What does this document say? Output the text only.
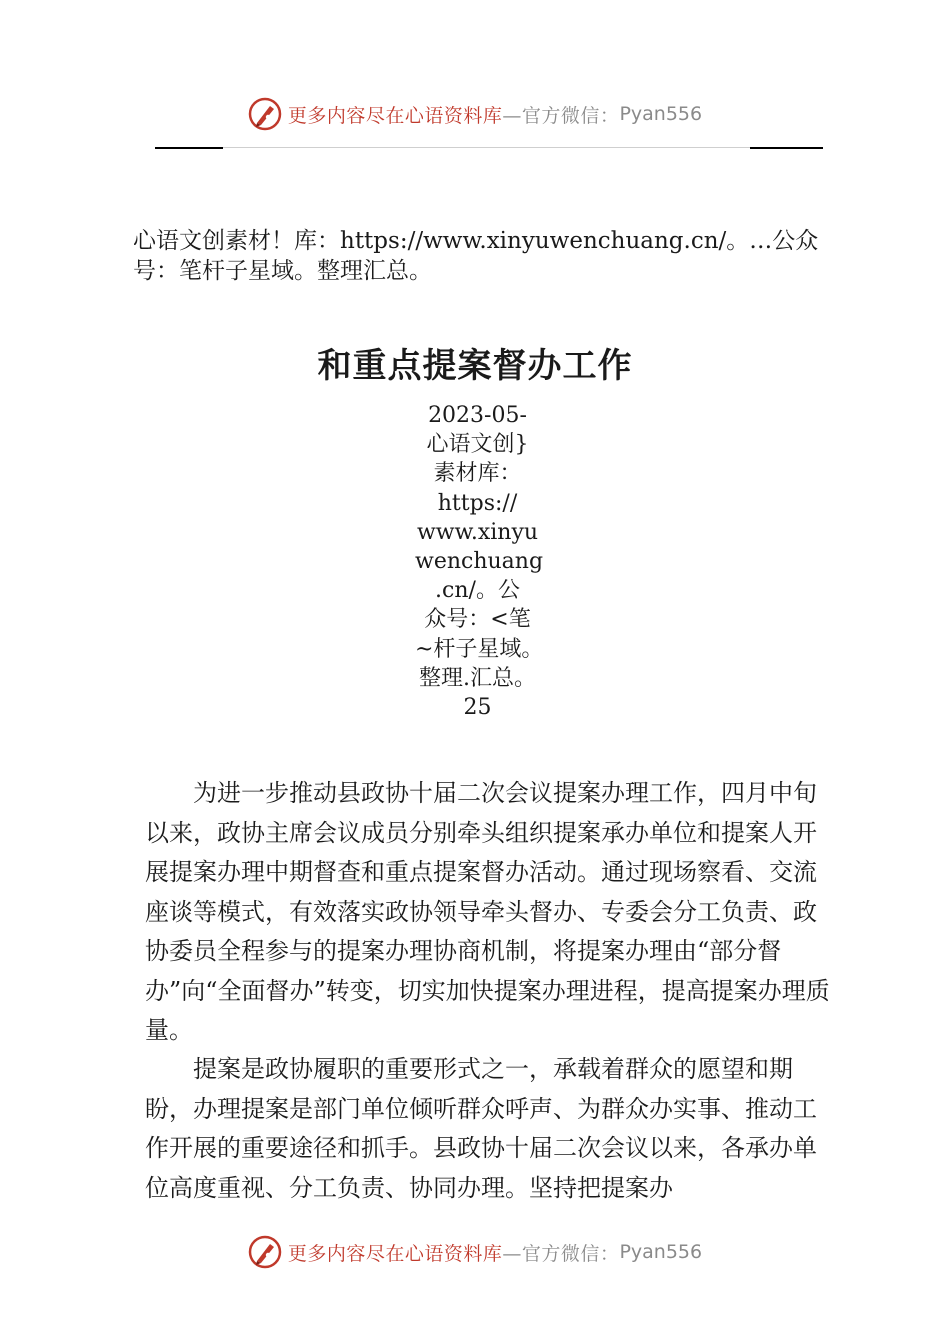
更多内容尽在心语资料库 —官方微信： Pyan556

心语文创素材！库：https://www.xinyuwenchuang.cn/。…公众号：笔杆子星域。整理汇总。

和重点提案督办工作
2023-05-
心语文创}
素材库：
https://
www.xinyu
wenchuang
.cn/。公
众号：<笔
~杆子星域。
整理.汇总。
25

为进一步推动县政协十届二次会议提案办理工作，四月中旬以来，政协主席会议成员分别牵头组织提案承办单位和提案人开展提案办理中期督查和重点提案督办活动。通过现场察看、交流座谈等模式，有效落实政协领导牵头督办、专委会分工负责、政协委员全程参与的提案办理协商机制，将提案办理由“部分督办”向“全面督办”转变，切实加快提案办理进程，提高提案办理质量。

提案是政协履职的重要形式之一，承载着群众的愿望和期盼，办理提案是部门单位倾听群众呼声、为群众办实事、推动工作开展的重要途径和抓手。县政协十届二次会议以来，各承办单位高度重视、分工负责、协同办理。坚持把提案办

更多内容尽在心语资料库 —官方微信： Pyan556
